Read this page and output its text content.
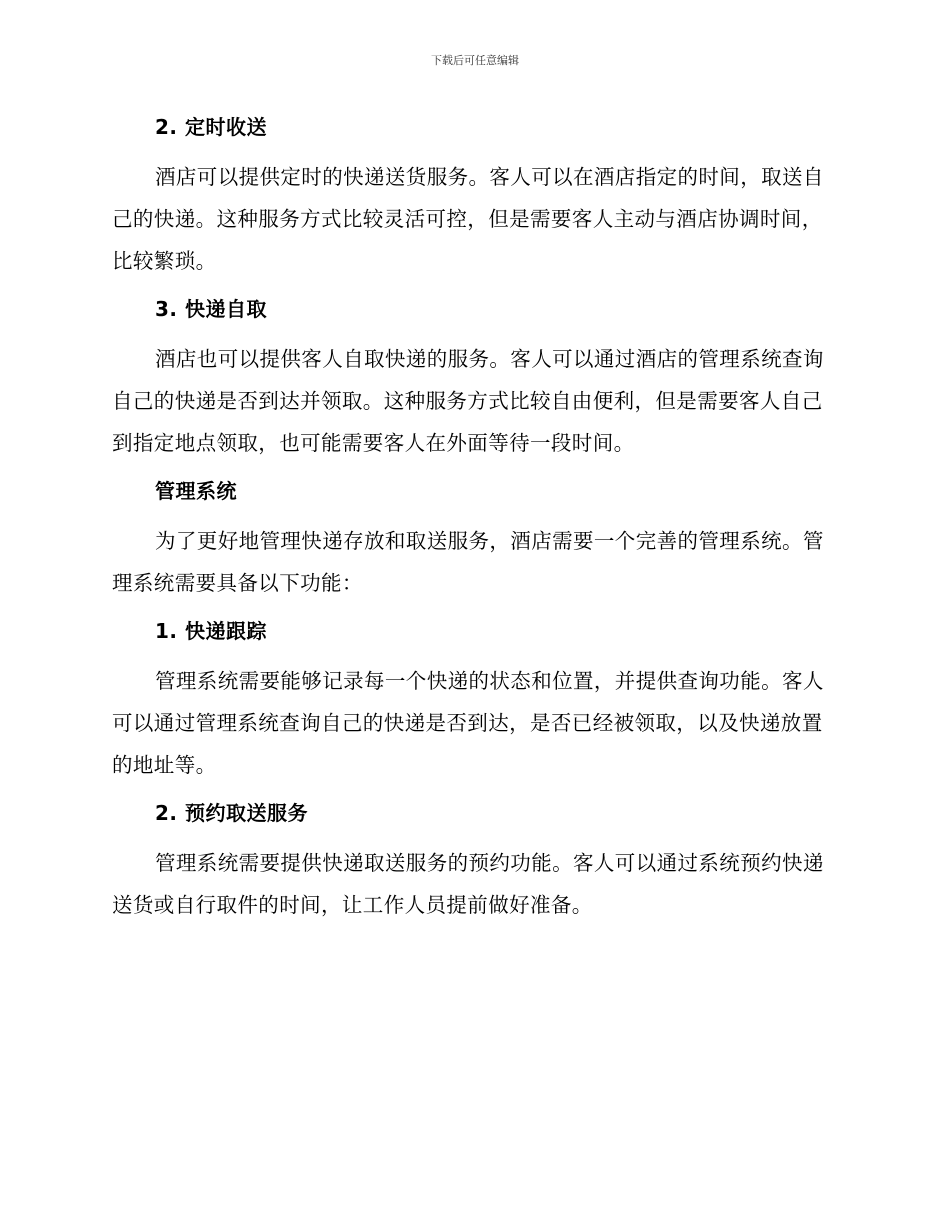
下载后可任意编辑
2. 定时收送

酒店可以提供定时的快递送货服务。客人可以在酒店指定的时间，取送自己的快递。这种服务方式比较灵活可控，但是需要客人主动与酒店协调时间，比较繁琐。

3. 快递自取

酒店也可以提供客人自取快递的服务。客人可以通过酒店的管理系统查询自己的快递是否到达并领取。这种服务方式比较自由便利，但是需要客人自己到指定地点领取，也可能需要客人在外面等待一段时间。

管理系统

为了更好地管理快递存放和取送服务，酒店需要一个完善的管理系统。管理系统需要具备以下功能：

1. 快递跟踪

管理系统需要能够记录每一个快递的状态和位置，并提供查询功能。客人可以通过管理系统查询自己的快递是否到达，是否已经被领取，以及快递放置的地址等。

2. 预约取送服务

管理系统需要提供快递取送服务的预约功能。客人可以通过系统预约快递送货或自行取件的时间，让工作人员提前做好准备。
